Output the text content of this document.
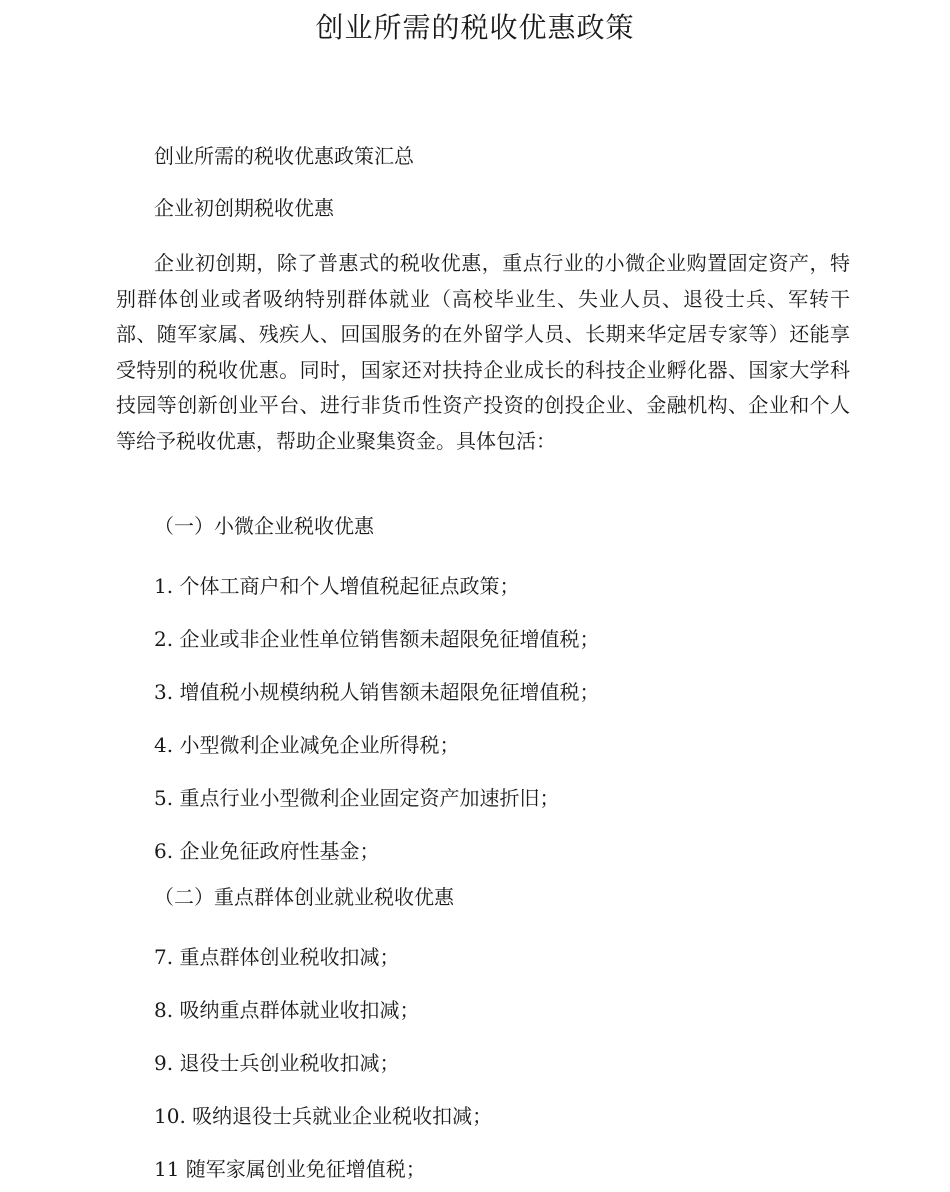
创业所需的税收优惠政策
创业所需的税收优惠政策汇总
企业初创期税收优惠

企业初创期，除了普惠式的税收优惠，重点行业的小微企业购置固定资产，特别群体创业或者吸纳特别群体就业（高校毕业生、失业人员、退役士兵、军转干部、随军家属、残疾人、回国服务的在外留学人员、长期来华定居专家等）还能享受特别的税收优惠。同时，国家还对扶持企业成长的科技企业孵化器、国家大学科技园等创新创业平台、进行非货币性资产投资的创投企业、金融机构、企业和个人等给予税收优惠，帮助企业聚集资金。具体包活：

（一）小微企业税收优惠
1. 个体工商户和个人增值税起征点政策；
2. 企业或非企业性单位销售额未超限免征增值税；
3. 增值税小规模纳税人销售额未超限免征增值税；
4. 小型微利企业减免企业所得税；
5. 重点行业小型微利企业固定资产加速折旧；
6. 企业免征政府性基金；
（二）重点群体创业就业税收优惠
7. 重点群体创业税收扣减；
8. 吸纳重点群体就业收扣减；
9. 退役士兵创业税收扣减；
10. 吸纳退役士兵就业企业税收扣减；
11 随军家属创业免征增值税；
